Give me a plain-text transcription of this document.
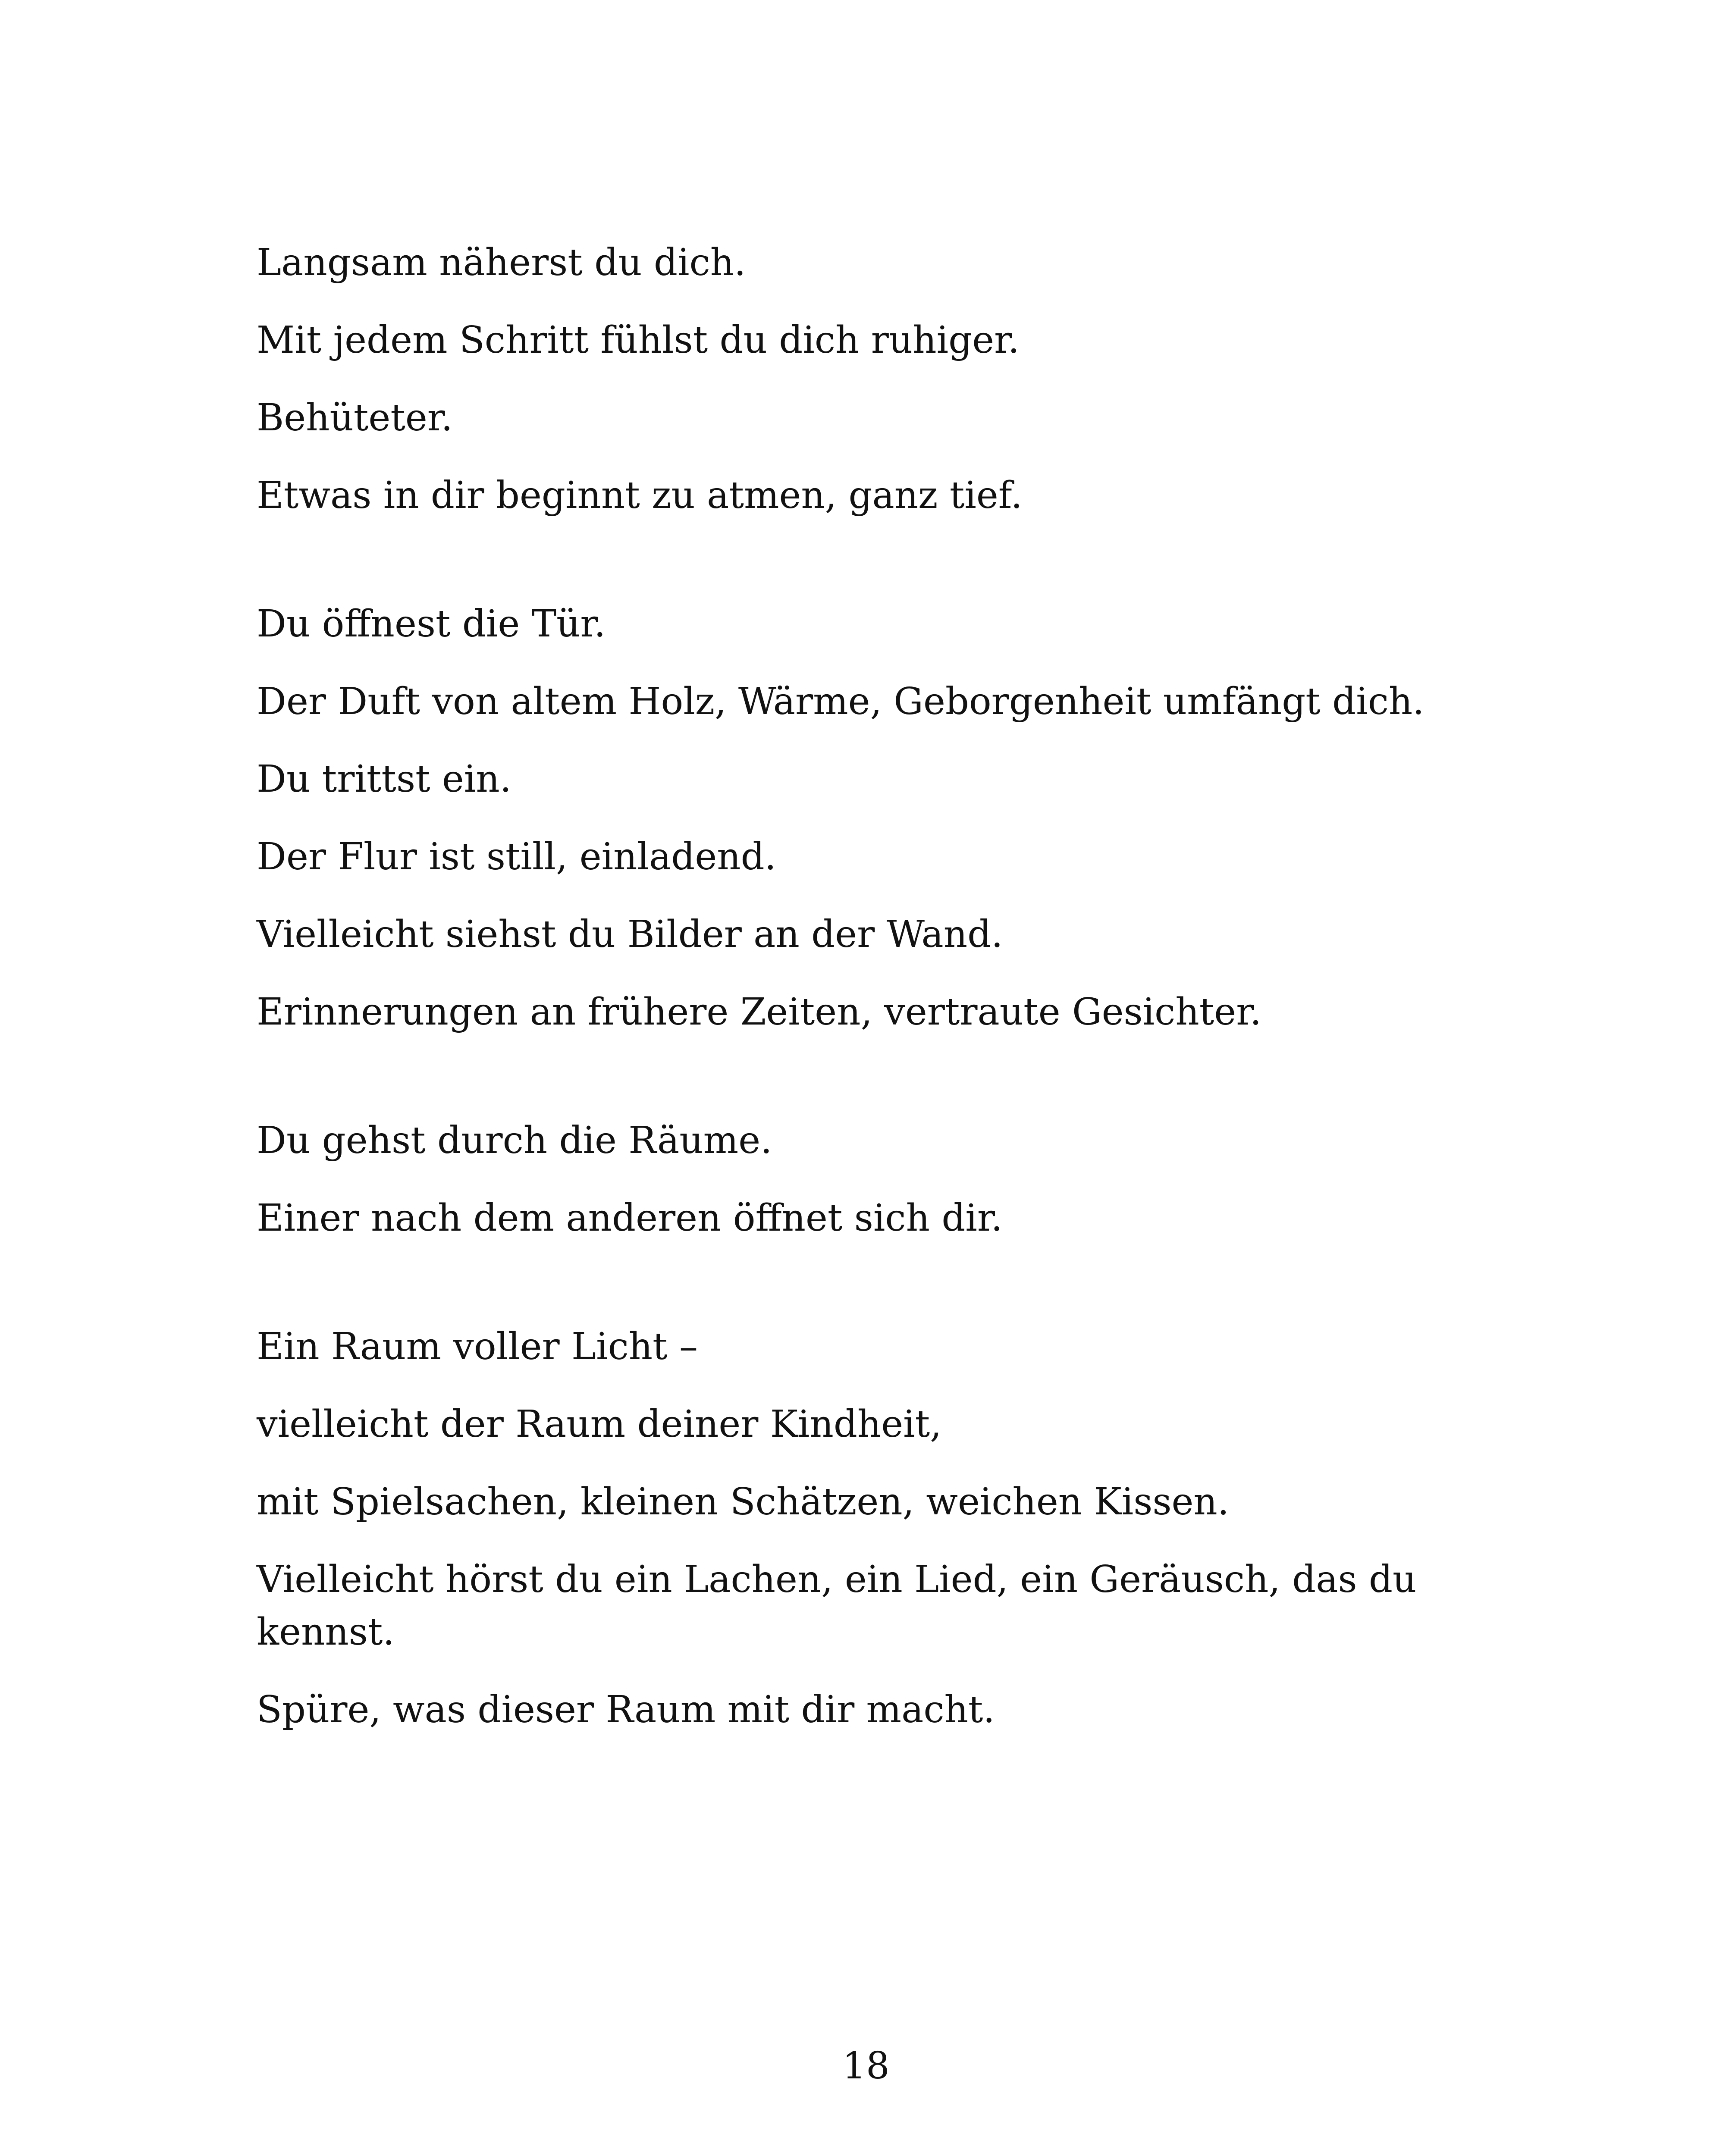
Langsam näherst du dich.

Mit jedem Schritt fühlst du dich ruhiger.

Behüteter.

Etwas in dir beginnt zu atmen, ganz tief.

Du öffnest die Tür.

Der Duft von altem Holz, Wärme, Geborgenheit umfängt dich.

Du trittst ein.

Der Flur ist still, einladend.

Vielleicht siehst du Bilder an der Wand.

Erinnerungen an frühere Zeiten, vertraute Gesichter.

Du gehst durch die Räume.

Einer nach dem anderen öffnet sich dir.

Ein Raum voller Licht –

vielleicht der Raum deiner Kindheit,

mit Spielsachen, kleinen Schätzen, weichen Kissen.

Vielleicht hörst du ein Lachen, ein Lied, ein Geräusch, das du kennst.

Spüre, was dieser Raum mit dir macht.

18
